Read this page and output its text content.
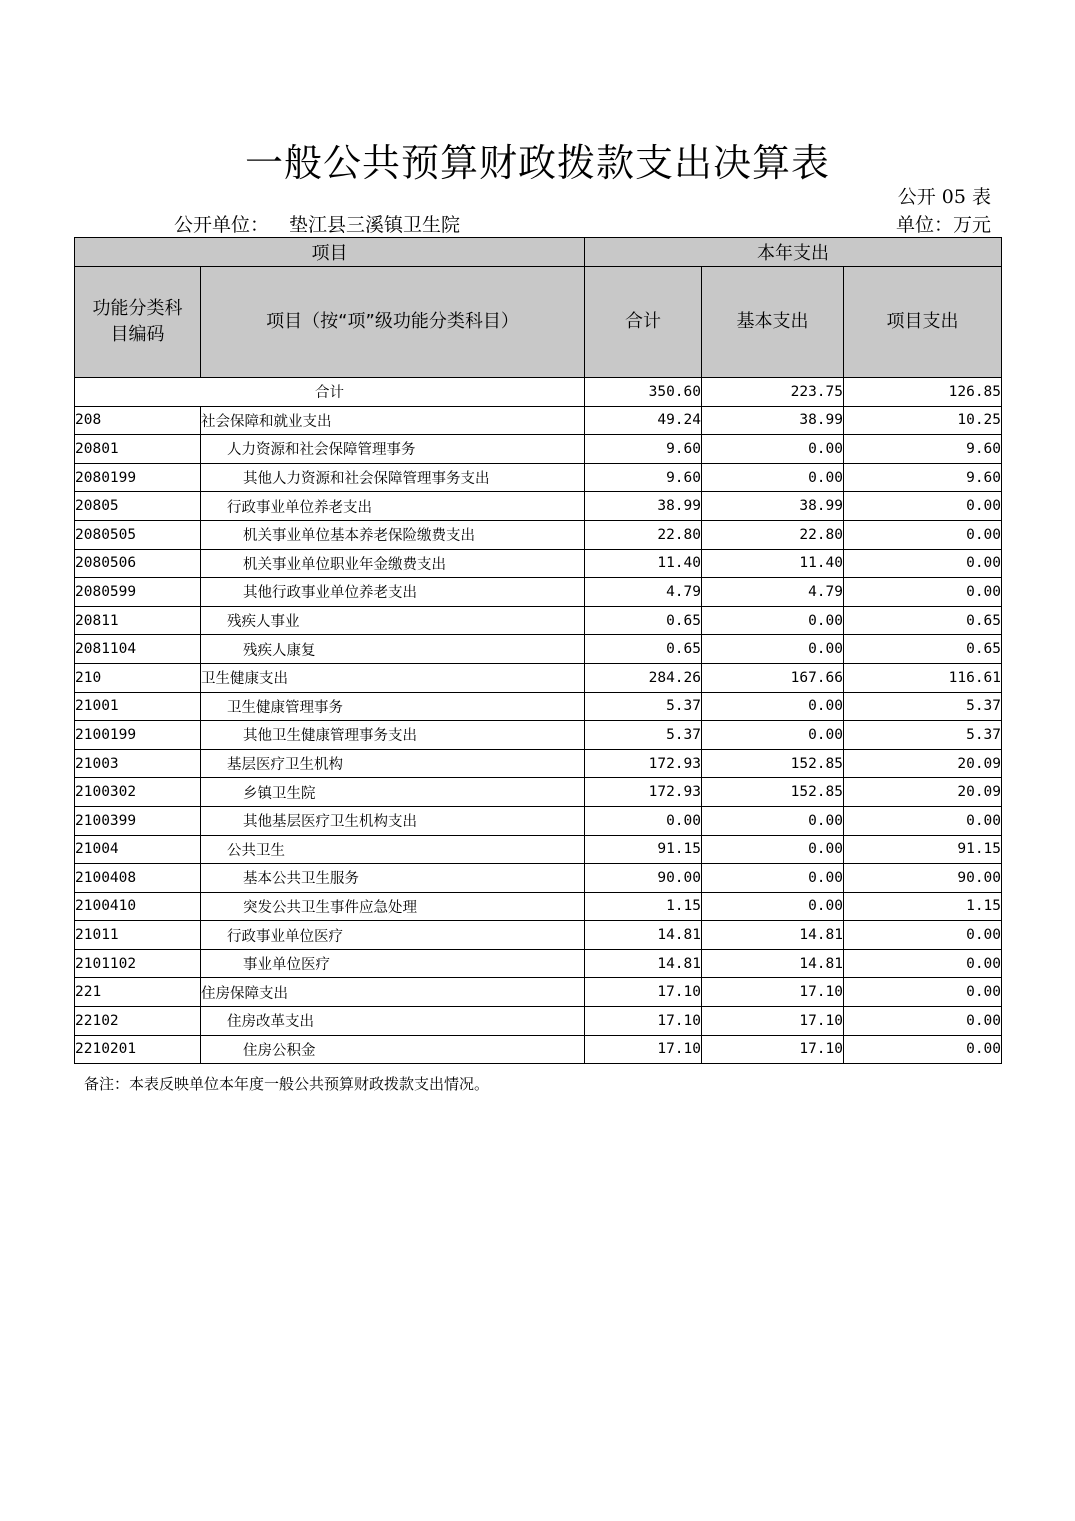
一般公共预算财政拨款支出决算表
公开 05 表
公开单位： 垫江县三溪镇卫生院	单位：万元
项目		本年支出		

功能分类科目编码	项目（按“项”级功能分类科目）	合计	基本支出	项目支出
合计		350.60	223.75	126.85
208	社会保障和就业支出	49.24	38.99	10.25
20801	人力资源和社会保障管理事务	9.60	0.00	9.60
2080199	其他人力资源和社会保障管理事务支出	9.60	0.00	9.60
20805	行政事业单位养老支出	38.99	38.99	0.00
2080505	机关事业单位基本养老保险缴费支出	22.80	22.80	0.00
2080506	机关事业单位职业年金缴费支出	11.40	11.40	0.00
2080599	其他行政事业单位养老支出	4.79	4.79	0.00
20811	残疾人事业	0.65	0.00	0.65
2081104	残疾人康复	0.65	0.00	0.65
210	卫生健康支出	284.26	167.66	116.61
21001	卫生健康管理事务	5.37	0.00	5.37
2100199	其他卫生健康管理事务支出	5.37	0.00	5.37
21003	基层医疗卫生机构	172.93	152.85	20.09
2100302	乡镇卫生院	172.93	152.85	20.09
2100399	其他基层医疗卫生机构支出	0.00	0.00	0.00
21004	公共卫生	91.15	0.00	91.15
2100408	基本公共卫生服务	90.00	0.00	90.00
2100410	突发公共卫生事件应急处理	1.15	0.00	1.15
21011	行政事业单位医疗	14.81	14.81	0.00
2101102	事业单位医疗	14.81	14.81	0.00
221	住房保障支出	17.10	17.10	0.00
22102	住房改革支出	17.10	17.10	0.00
2210201	住房公积金	17.10	17.10	0.00
备注：本表反映单位本年度一般公共预算财政拨款支出情况。
